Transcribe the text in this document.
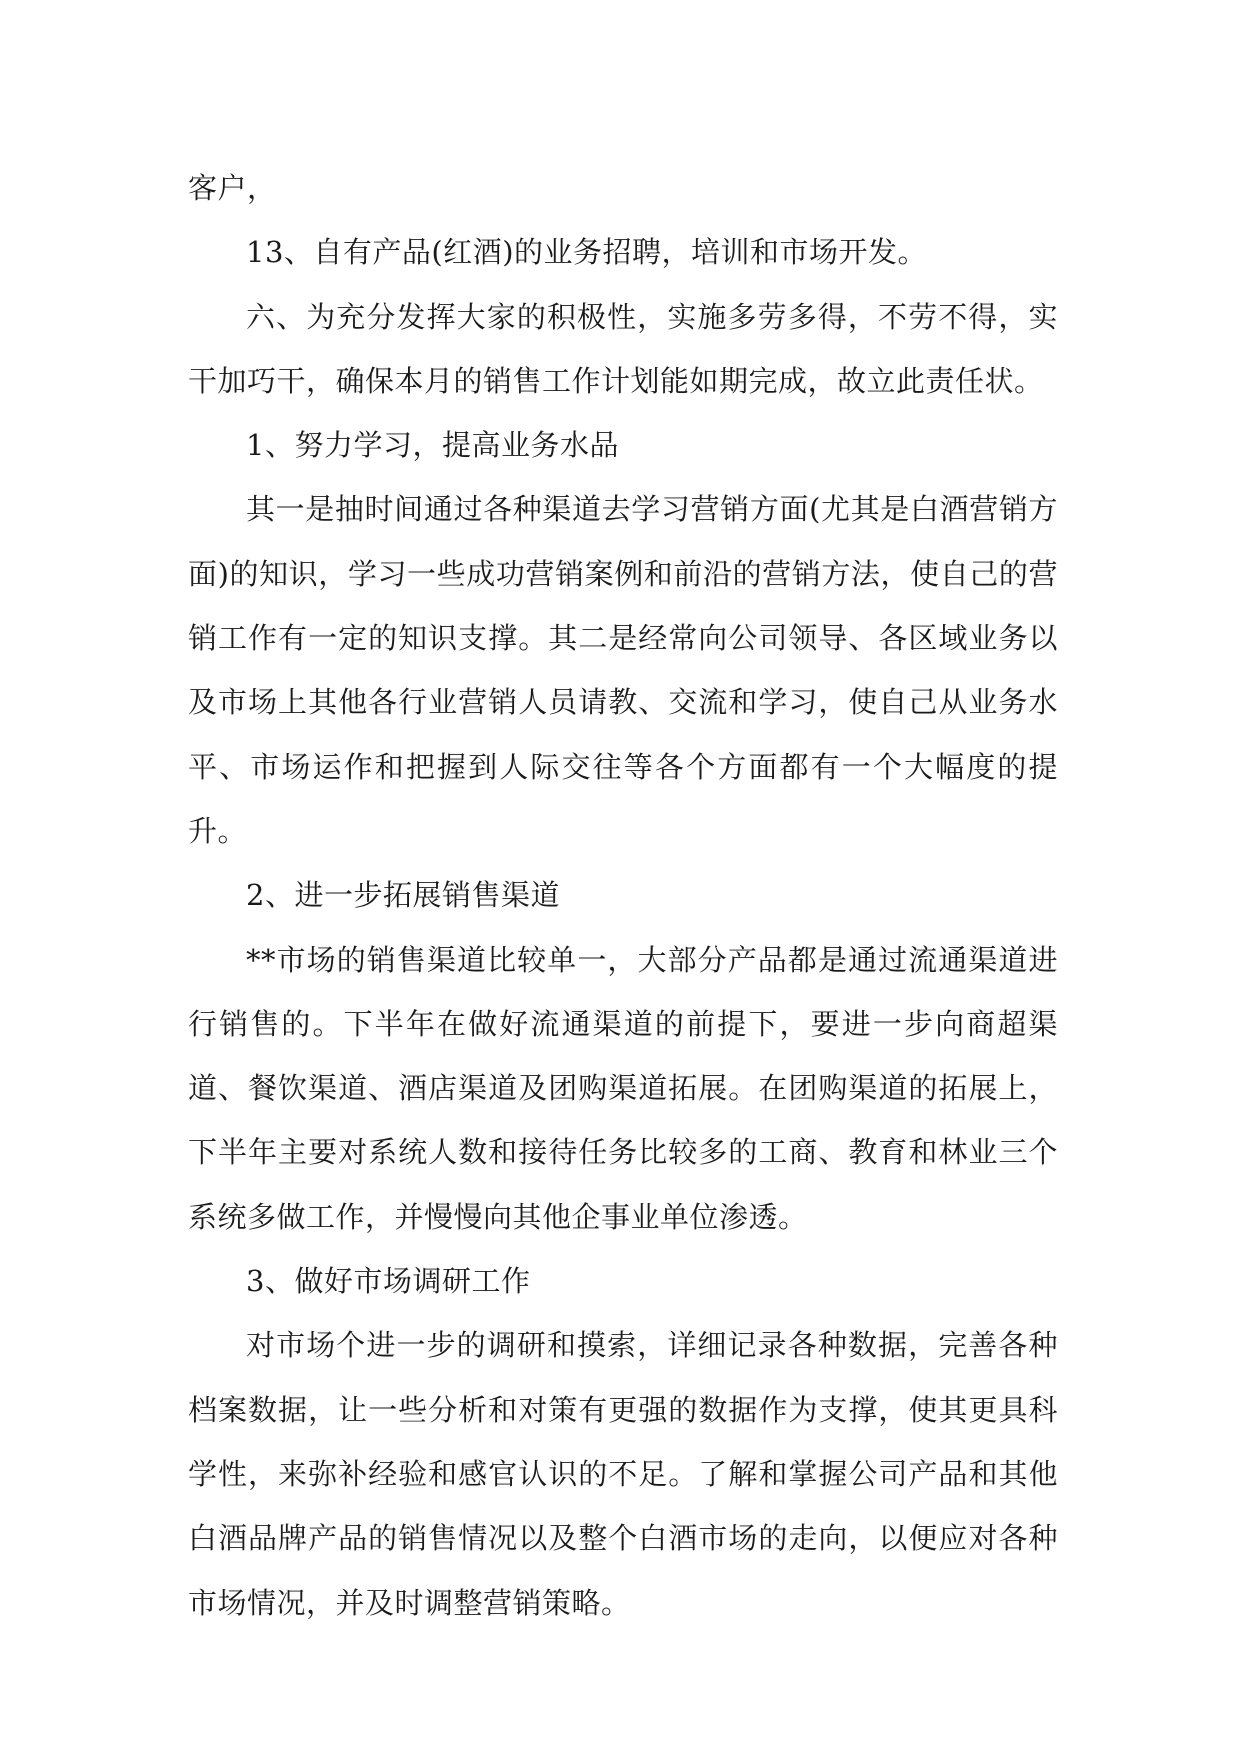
客户，

13、自有产品(红酒)的业务招聘，培训和市场开发。

六、为充分发挥大家的积极性，实施多劳多得，不劳不得，实干加巧干，确保本月的销售工作计划能如期完成，故立此责任状。

1、努力学习，提高业务水品

其一是抽时间通过各种渠道去学习营销方面(尤其是白酒营销方面)的知识，学习一些成功营销案例和前沿的营销方法，使自己的营销工作有一定的知识支撑。其二是经常向公司领导、各区域业务以及市场上其他各行业营销人员请教、交流和学习，使自己从业务水平、市场运作和把握到人际交往等各个方面都有一个大幅度的提升。

2、进一步拓展销售渠道

**市场的销售渠道比较单一，大部分产品都是通过流通渠道进行销售的。下半年在做好流通渠道的前提下，要进一步向商超渠道、餐饮渠道、酒店渠道及团购渠道拓展。在团购渠道的拓展上，下半年主要对系统人数和接待任务比较多的工商、教育和林业三个系统多做工作，并慢慢向其他企事业单位渗透。

3、做好市场调研工作

对市场个进一步的调研和摸索，详细记录各种数据，完善各种档案数据，让一些分析和对策有更强的数据作为支撑，使其更具科学性，来弥补经验和感官认识的不足。了解和掌握公司产品和其他白酒品牌产品的销售情况以及整个白酒市场的走向，以便应对各种市场情况，并及时调整营销策略。
